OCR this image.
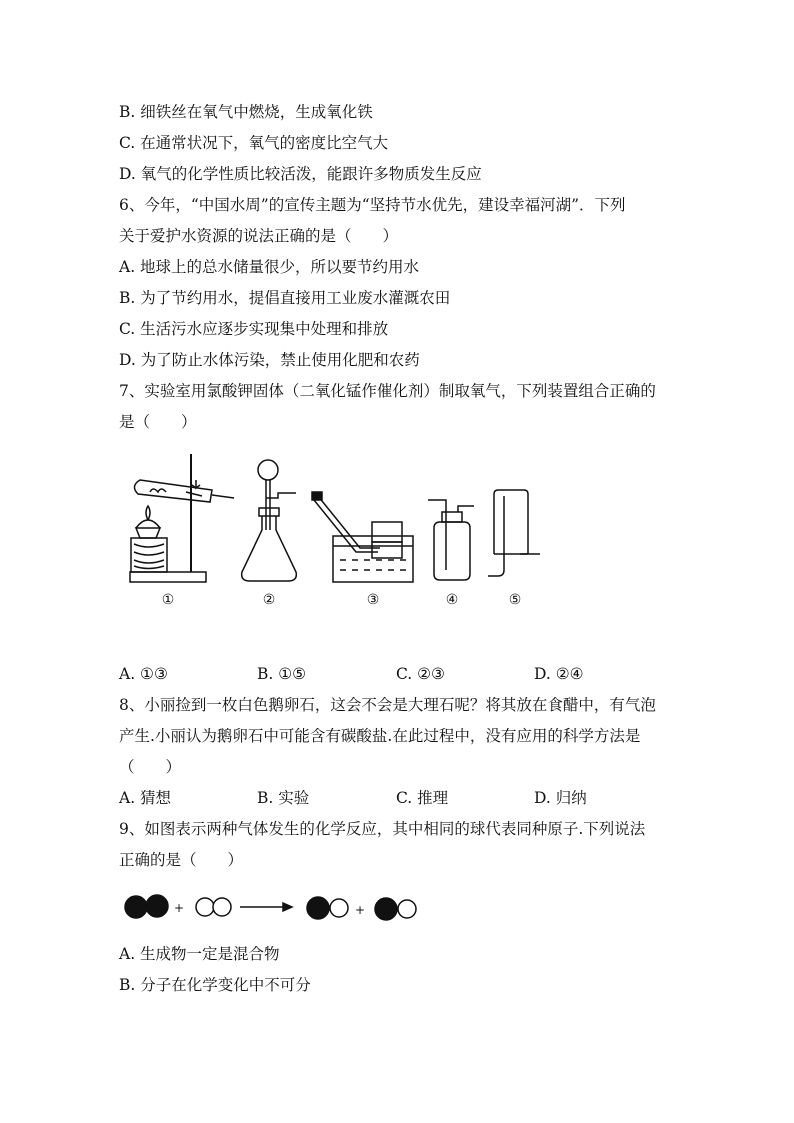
B. 细铁丝在氧气中燃烧，生成氧化铁
C. 在通常状况下，氧气的密度比空气大
D. 氧气的化学性质比较活泼，能跟许多物质发生反应
6、今年，“中国水周”的宣传主题为“坚持节水优先，建设幸福河湖”．下列
关于爱护水资源的说法正确的是（　　）
A. 地球上的总水储量很少，所以要节约用水
B. 为了节约用水，提倡直接用工业废水灌溉农田
C. 生活污水应逐步实现集中处理和排放
D. 为了防止水体污染，禁止使用化肥和农药
7、实验室用氯酸钾固体（二氧化锰作催化剂）制取氧气，下列装置组合正确的
是（　　）
①	②	③	④	⑤
A. ①③	B. ①⑤	C. ②③	D. ②④
8、小丽捡到一枚白色鹅卵石，这会不会是大理石呢？将其放在食醋中，有气泡
产生.小丽认为鹅卵石中可能含有碳酸盐.在此过程中，没有应用的科学方法是
（　　）
A. 猜想	B. 实验	C. 推理	D. 归纳
9、如图表示两种气体发生的化学反应，其中相同的球代表同种原子.下列说法
正确的是（　　）
+	+
A. 生成物一定是混合物
B. 分子在化学变化中不可分
